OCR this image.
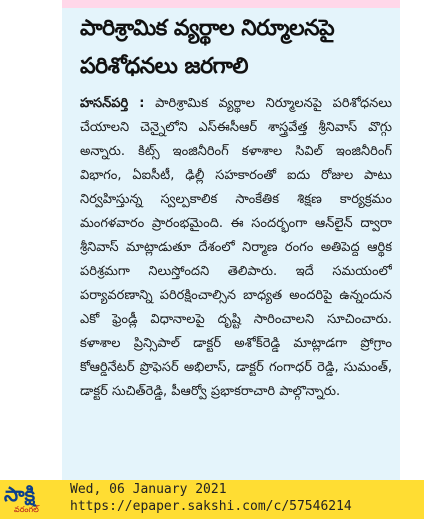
పారిశ్రామిక వ్యర్థాల నిర్మూలనపై పరిశోధనలు జరగాలి

హసన్‌పర్తి : పారిశ్రామిక వ్యర్థాల నిర్మూలనపై పరిశోధనలు చేయాలని చెన్నైలోని ఎస్‌ఈసీఆర్ శాస్త్రవేత్త శ్రీనివాస్ వొగ్గు అన్నారు. కిట్స్ ఇంజినీరింగ్ కళాశాల సివిల్ ఇంజినీరింగ్ విభాగం, ఏఐసీటీ, ఢిల్లీ సహకారంతో ఐదు రోజుల పాటు నిర్వహిస్తున్న స్వల్పకాలిక సాంకేతిక శిక్షణ కార్యక్రమం మంగళవారం ప్రారంభమైంది. ఈ సందర్భంగా ఆన్‌లైన్ ద్వారా శ్రీనివాస్ మాట్లాడుతూ దేశంలో నిర్మాణ రంగం అతిపెద్ద ఆర్థిక పరిశ్రమగా నిలుస్తోందని తెలిపారు. ఇదే సమయంలో పర్యావరణాన్ని పరిరక్షించాల్సిన బాధ్యత అందరిపై ఉన్నందున ఎకో ఫ్రెండ్లీ విధానాలపై దృష్టి సారించాలని సూచించారు. కళాశాల ప్రిన్సిపాల్ డాక్టర్ అశోక్‌రెడ్డి మాట్లాడగా ప్రోగ్రాం కోఆర్డినేటర్ ప్రొఫెసర్ అభిలాస్, డాక్టర్ గంగాధర్ రెడ్డి, సుమంత్, డాక్టర్ సుచిత్‌రెడ్డి, పీఆర్వో ప్రభాకరాచారి పాల్గొన్నారు.

సాక్షి
వరంగల్
Wed, 06 January 2021
https://epaper.sakshi.com/c/57546214
